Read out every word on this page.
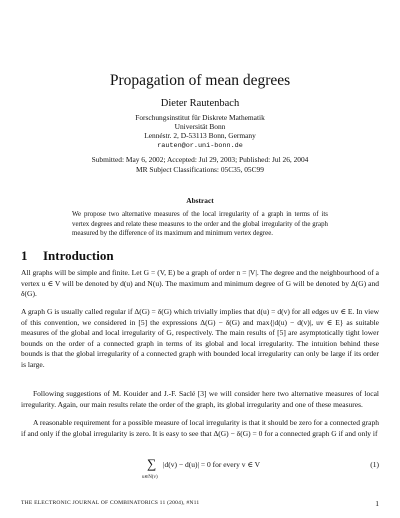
Propagation of mean degrees
Dieter Rautenbach
Forschungsinstitut für Diskrete Mathematik
Universität Bonn
Lennéstr. 2, D-53113 Bonn, Germany
rauten@or.uni-bonn.de
Submitted: May 6, 2002; Accepted: Jul 29, 2003; Published: Jul 26, 2004
MR Subject Classifications: 05C35, 05C99
Abstract
We propose two alternative measures of the local irregularity of a graph in terms of its vertex degrees and relate these measures to the order and the global irregularity of the graph measured by the difference of its maximum and minimum vertex degree.
1 Introduction

All graphs will be simple and finite. Let G = (V, E) be a graph of order n = |V|. The degree and the neighbourhood of a vertex u ∈ V will be denoted by d(u) and N(u). The maximum and minimum degree of G will be denoted by Δ(G) and δ(G).

A graph G is usually called regular if Δ(G) = δ(G) which trivially implies that d(u) = d(v) for all edges uv ∈ E. In view of this convention, we considered in [5] the expressions Δ(G) − δ(G) and max{|d(u) − d(v)|, uv ∈ E} as suitable measures of the global and local irregularity of G, respectively. The main results of [5] are asymptotically tight lower bounds on the order of a connected graph in terms of its global and local irregularity. The intuition behind these bounds is that the global irregularity of a connected graph with bounded local irregularity can only be large if its order is large.

Following suggestions of M. Kouider and J.-F. Saclé [3] we will consider here two alternative measures of local irregularity. Again, our main results relate the order of the graph, its global irregularity and one of these measures.

A reasonable requirement for a possible measure of local irregularity is that it should be zero for a connected graph if and only if the global irregularity is zero. It is easy to see that Δ(G) − δ(G) = 0 for a connected graph G if and only if

∑
u∈N(v)
|d(v) − d(u)| = 0 for every v ∈ V	(1)
THE ELECTRONIC JOURNAL OF COMBINATORICS 11 (2004), #N11	1
